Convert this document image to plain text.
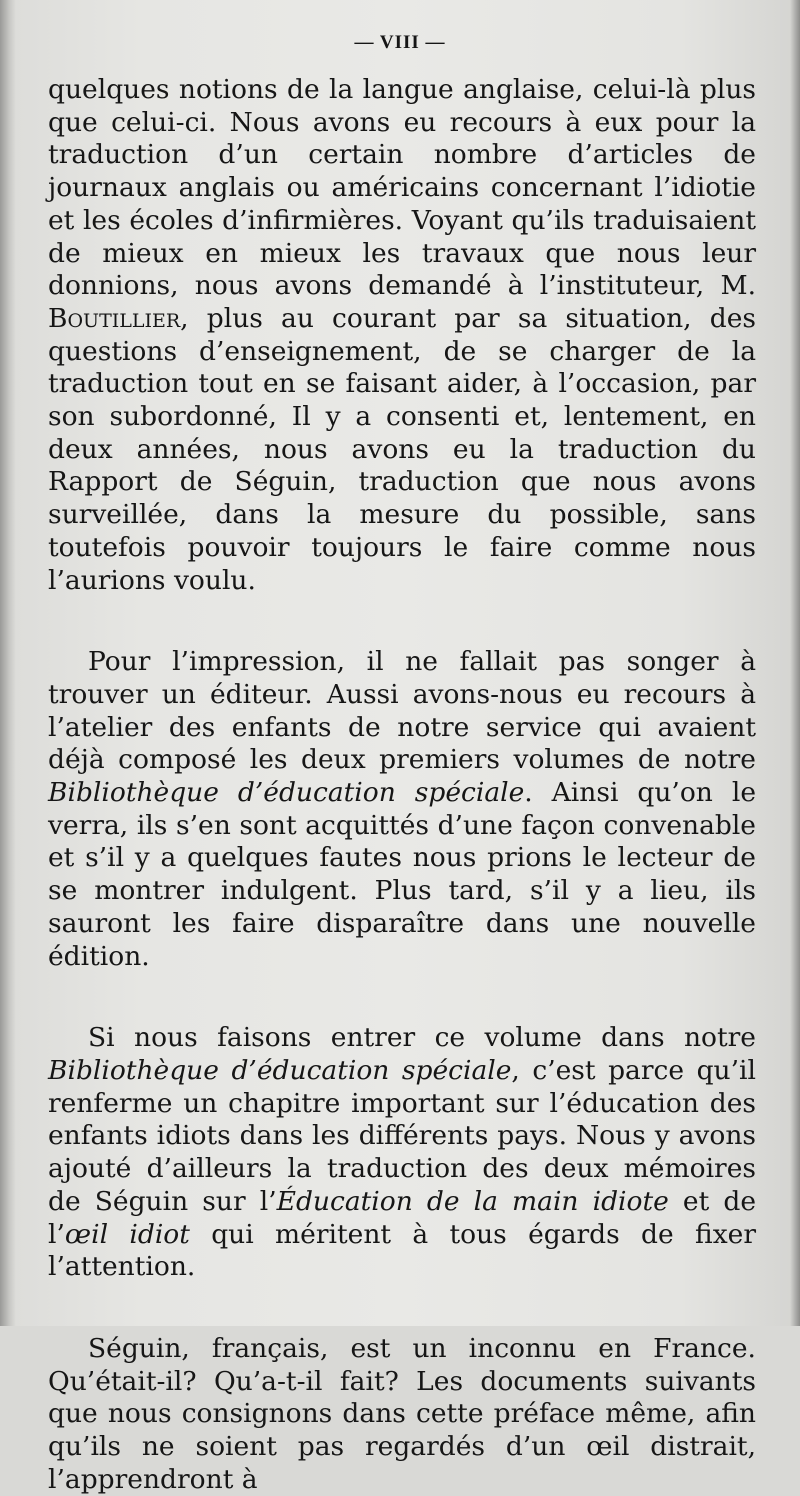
— VIII —

quelques notions de la langue anglaise, celui-là plus que celui-ci. Nous avons eu recours à eux pour la traduction d’un certain nombre d’articles de journaux anglais ou américains concernant l’idiotie et les écoles d’infirmières. Voyant qu’ils traduisaient de mieux en mieux les travaux que nous leur donnions, nous avons demandé à l’instituteur, M. Boutillier, plus au courant par sa situation, des questions d’enseignement, de se charger de la traduction tout en se faisant aider, à l’occasion, par son subordonné, Il y a consenti et, lentement, en deux années, nous avons eu la traduction du Rapport de Séguin, traduction que nous avons surveillée, dans la mesure du possible, sans toutefois pouvoir toujours le faire comme nous l’aurions voulu.

Pour l’impression, il ne fallait pas songer à trouver un éditeur. Aussi avons-nous eu recours à l’atelier des enfants de notre service qui avaient déjà composé les deux premiers volumes de notre Bibliothèque d’éducation spéciale. Ainsi qu’on le verra, ils s’en sont acquittés d’une façon convenable et s’il y a quelques fautes nous prions le lecteur de se montrer indulgent. Plus tard, s’il y a lieu, ils sauront les faire disparaître dans une nouvelle édition.

Si nous faisons entrer ce volume dans notre Bibliothèque d’éducation spéciale, c’est parce qu’il renferme un chapitre important sur l’éducation des enfants idiots dans les différents pays. Nous y avons ajouté d’ailleurs la traduction des deux mémoires de Séguin sur l’Éducation de la main idiote et de l’œil idiot qui méritent à tous égards de fixer l’attention.

Séguin, français, est un inconnu en France. Qu’était-il? Qu’a-t-il fait? Les documents suivants que nous consignons dans cette préface même, afin qu’ils ne soient pas regardés d’un œil distrait, l’apprendront à
